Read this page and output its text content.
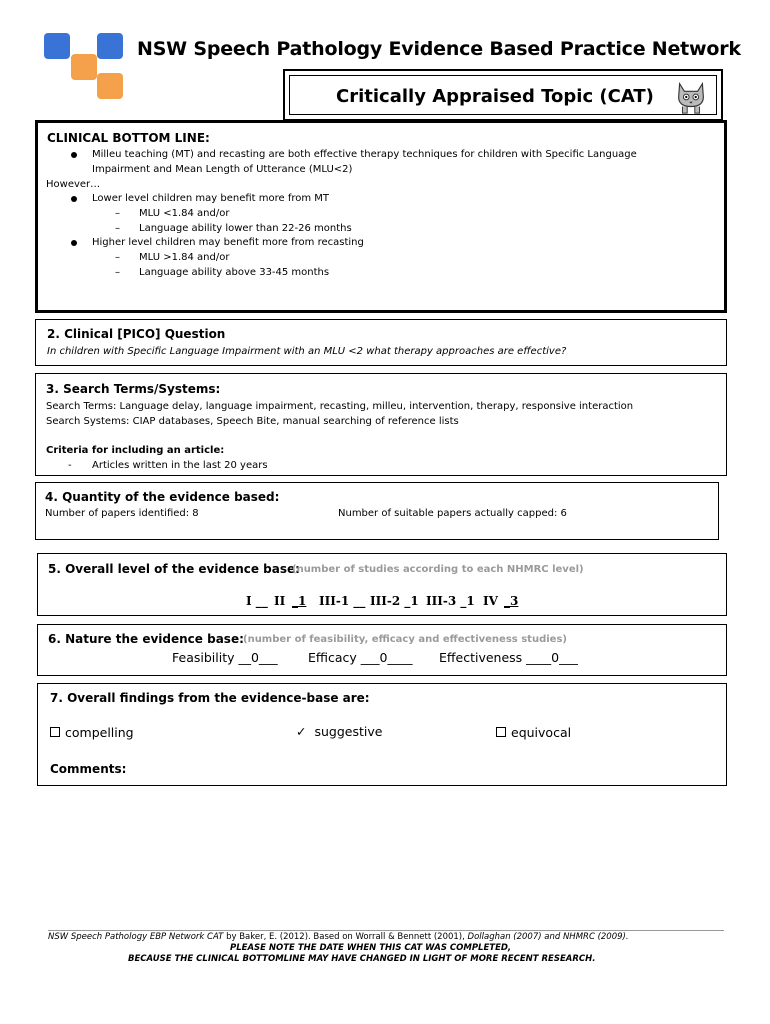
NSW Speech Pathology Evidence Based Practice Network
Critically Appraised Topic (CAT)
CLINICAL BOTTOM LINE:
Milleu teaching (MT) and recasting are both effective therapy techniques for children with Specific Language
Impairment and Mean Length of Utterance (MLU<2)
However…
Lower level children may benefit more from MT
– MLU <1.84 and/or
– Language ability lower than 22-26 months
Higher level children may benefit more from recasting
– MLU >1.84 and/or
– Language ability above 33-45 months
2. Clinical [PICO] Question
In children with Specific Language Impairment with an MLU <2 what therapy approaches are effective?
3. Search Terms/Systems:
Search Terms: Language delay, language impairment, recasting, milleu, intervention, therapy, responsive interaction
Search Systems: CIAP databases, Speech Bite, manual searching of reference lists
Criteria for including an article:
- Articles written in the last 20 years
4. Quantity of the evidence based:
Number of papers identified: 8	Number of suitable papers actually capped: 6
5. Overall level of the evidence base:
(number of studies according to each NHMRC level)
I __ II _1 III-1 __ III-2 _1 III-3 _1 IV _3
6. Nature the evidence base: (number of feasibility, efficacy and effectiveness studies)
Feasibility __0___ Efficacy ___0____ Effectiveness ____0___
7. Overall findings from the evidence-base are:
compelling	✓ suggestive	equivocal
Comments:
NSW Speech Pathology EBP Network CAT by Baker, E. (2012). Based on Worrall & Bennett (2001), Dollaghan (2007) and NHMRC (2009).
PLEASE NOTE THE DATE WHEN THIS CAT WAS COMPLETED,
BECAUSE THE CLINICAL BOTTOMLINE MAY HAVE CHANGED IN LIGHT OF MORE RECENT RESEARCH.
